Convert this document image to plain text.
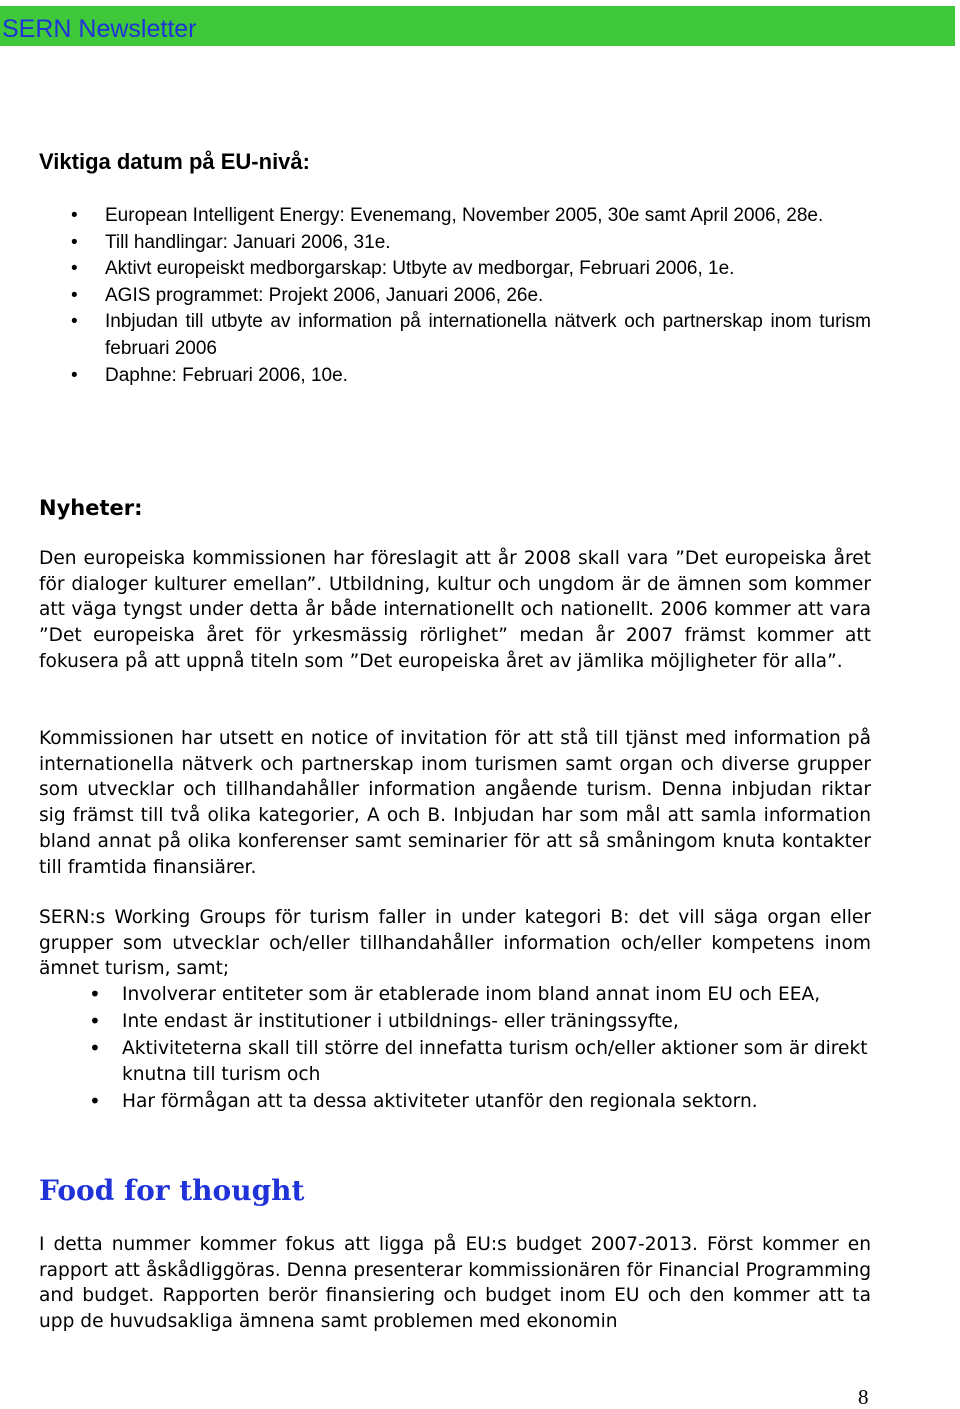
SERN Newsletter
Viktiga datum på EU-nivå:
• European Intelligent Energy: Evenemang, November 2005, 30e samt April 2006, 28e.
• Till handlingar: Januari 2006, 31e.
• Aktivt europeiskt medborgarskap: Utbyte av medborgar, Februari 2006, 1e.
• AGIS programmet: Projekt 2006, Januari 2006, 26e.
• Inbjudan till utbyte av information på internationella nätverk och partnerskap inom turism februari 2006
• Daphne: Februari 2006, 10e.
Nyheter:

Den europeiska kommissionen har föreslagit att år 2008 skall vara ”Det europeiska året för dialoger kulturer emellan”. Utbildning, kultur och ungdom är de ämnen som kommer att väga tyngst under detta år både internationellt och nationellt. 2006 kommer att vara ”Det europeiska året för yrkesmässig rörlighet” medan år 2007 främst kommer att fokusera på att uppnå titeln som ”Det europeiska året av jämlika möjligheter för alla”.

Kommissionen har utsett en notice of invitation för att stå till tjänst med information på internationella nätverk och partnerskap inom turismen samt organ och diverse grupper som utvecklar och tillhandahåller information angående turism. Denna inbjudan riktar sig främst till två olika kategorier, A och B. Inbjudan har som mål att samla information bland annat på olika konferenser samt seminarier för att så småningom knuta kontakter till framtida finansiärer.

SERN:s Working Groups för turism faller in under kategori B: det vill säga organ eller grupper som utvecklar och/eller tillhandahåller information och/eller kompetens inom ämnet turism, samt;

• Involverar entiteter som är etablerade inom bland annat inom EU och EEA,
• Inte endast är institutioner i utbildnings- eller träningssyfte,
• Aktiviteterna skall till större del innefatta turism och/eller aktioner som är direkt knutna till turism och
• Har förmågan att ta dessa aktiviteter utanför den regionala sektorn.
Food for thought

I detta nummer kommer fokus att ligga på EU:s budget 2007-2013. Först kommer en rapport att åskådliggöras. Denna presenterar kommissionären för Financial Programming and budget. Rapporten berör finansiering och budget inom EU och den kommer att ta upp de huvudsakliga ämnena samt problemen med ekonomin

8
